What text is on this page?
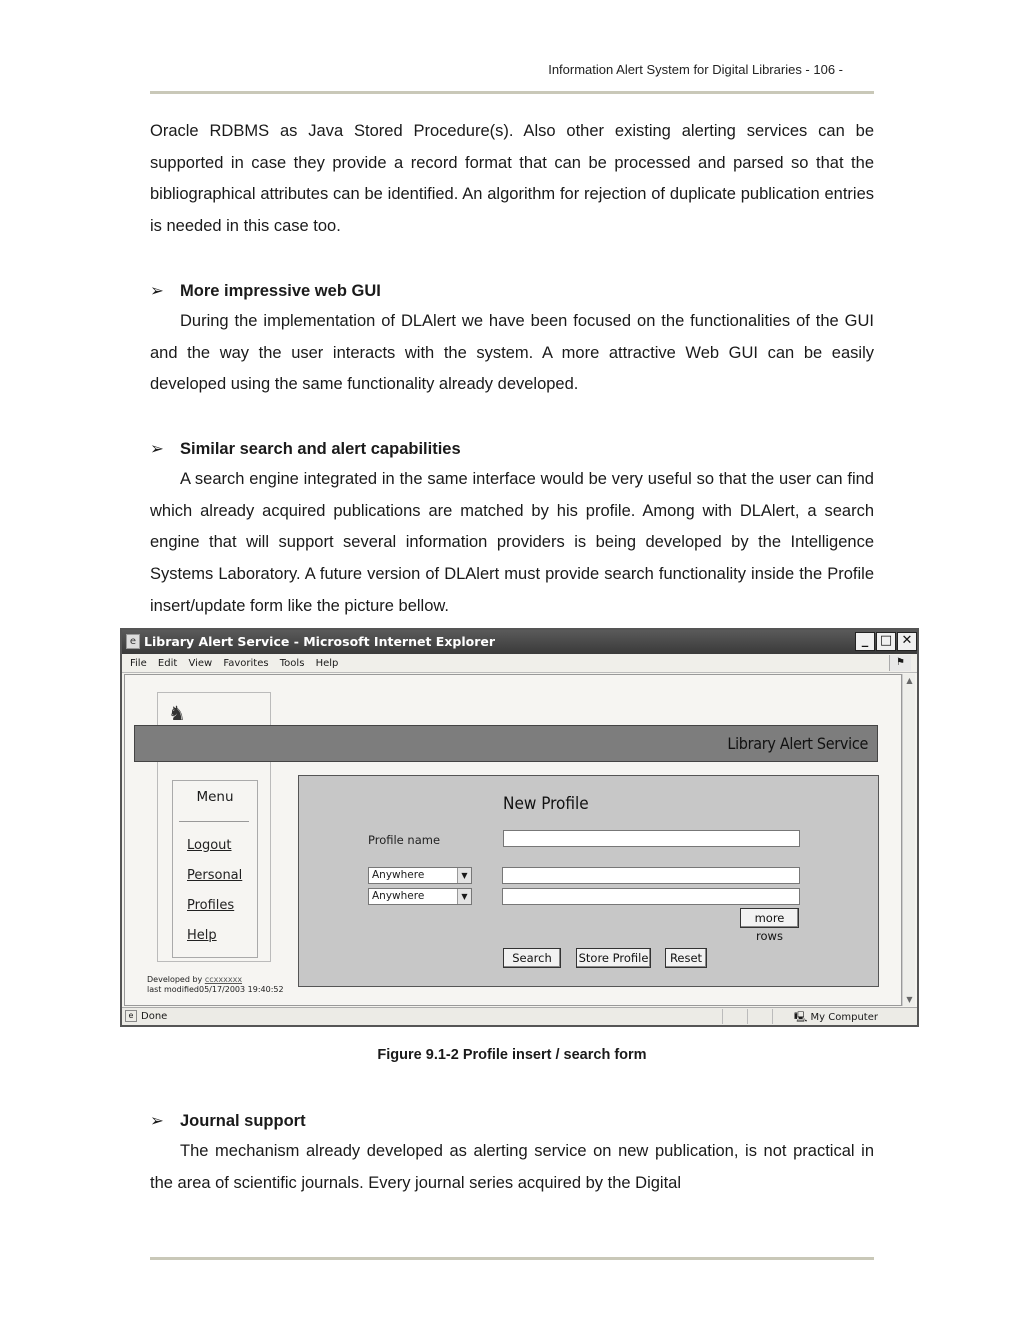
Information Alert System for Digital Libraries - 106 -
Oracle RDBMS as Java Stored Procedure(s). Also other existing alerting services can be supported in case they provide a record format that can be processed and parsed so that the bibliographical attributes can be identified. An algorithm for rejection of duplicate publication entries is needed in this case too.
➢ More impressive web GUI
During the implementation of DLAlert we have been focused on the functionalities of the GUI and the way the user interacts with the system. A more attractive Web GUI can be easily developed using the same functionality already developed.
➢ Similar search and alert capabilities
A search engine integrated in the same interface would be very useful so that the user can find which already acquired publications are matched by his profile. Among with DLAlert, a search engine that will support several information providers is being developed by the Intelligence Systems Laboratory. A future version of DLAlert must provide search functionality inside the Profile insert/update form like the picture bellow.
e Library Alert Service - Microsoft Internet Explorer	_ □ ✕
File Edit View Favorites Tools Help	⚑
♞
Library Alert Service
Menu
Logout
Personal
Profiles
Help
Developed by ccxxxxxx
last modified05/17/2003 19:40:52
New Profile
Profile name
Anywhere	▼
Anywhere	▼
more rows
Search	Store Profile	Reset
▲
▼
e Done	🖳 My Computer
Figure 9.1-2 Profile insert / search form
➢ Journal support
The mechanism already developed as alerting service on new publication, is not practical in the area of scientific journals. Every journal series acquired by the Digital
